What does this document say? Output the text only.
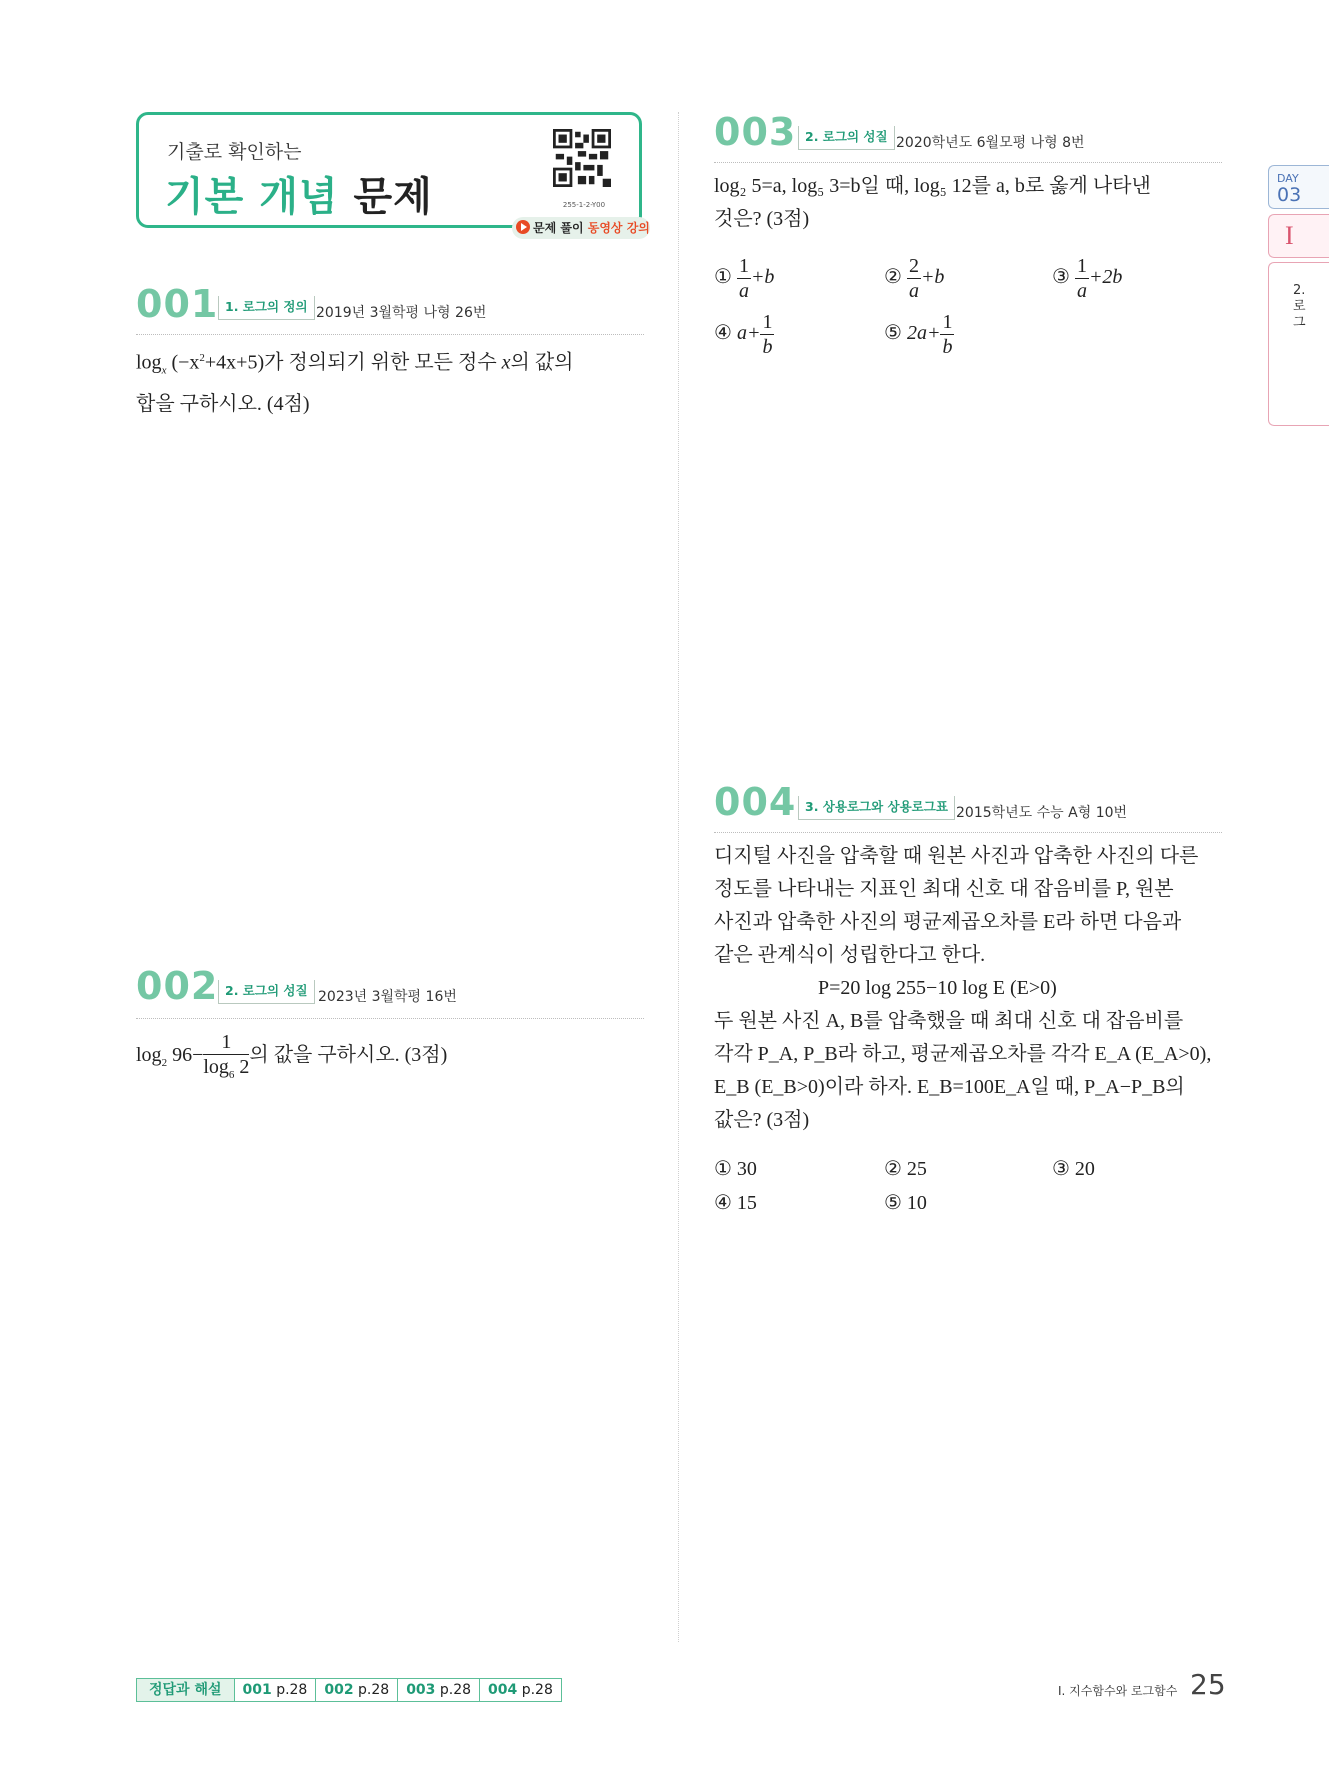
기출로 확인하는
기본 개념 문제	255-1-2-Y00
문제 풀이 동영상 강의
001 1. 로그의 정의 2019년 3월학평 나형 26번
$\log_x (-x^2+4x+5)$가 정의되기 위한 모든 정수 x의 값의
합을 구하시오. (4점)
002 2. 로그의 성질 2023년 3월학평 16번
$\log_2 96- \frac{1}{\log_6 2}$ 의 값을 구하시오. (3점)
003 2. 로그의 성질 2020학년도 6월모평 나형 8번
log₂ 5=a, log₅ 3=b일 때, log₅ 12를 a, b로 옳게 나타낸
것은? (3점)
① $\frac{1}{a} +b$	② $\frac{2}{a} +b$	③ $\frac{1}{a} +2b$
④ $a+ \frac{1}{b}$	⑤ $2a+ \frac{1}{b}$
004 3. 상용로그와 상용로그표 2015학년도 수능 A형 10번
디지털 사진을 압축할 때 원본 사진과 압축한 사진의 다른
정도를 나타내는 지표인 최대 신호 대 잡음비를 P, 원본
사진과 압축한 사진의 평균제곱오차를 E라 하면 다음과
같은 관계식이 성립한다고 한다.
P=20 log 255−10 log E (E>0)
두 원본 사진 A, B를 압축했을 때 최대 신호 대 잡음비를
각각 P_A, P_B라 하고, 평균제곱오차를 각각 E_A (E_A>0),
E_B (E_B>0)이라 하자. E_B=100E_A일 때, P_A−P_B의
값은? (3점)
① 30	② 25	③ 20
④ 15	⑤ 10
DAY
03
I
2. 로그
정답과 해설	001 p.28	002 p.28	003 p.28	004 p.28	Ⅰ. 지수함수와 로그함수 25
